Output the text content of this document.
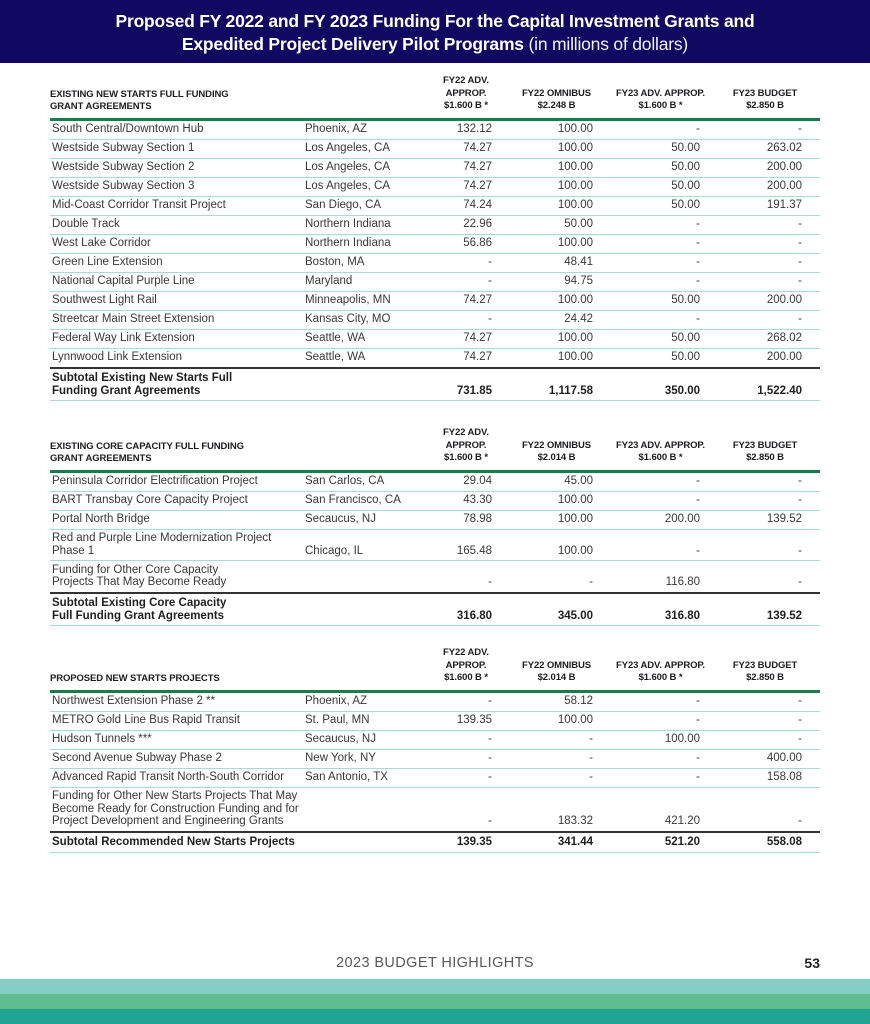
Proposed FY 2022 and FY 2023 Funding For the Capital Investment Grants and
Expedited Project Delivery Pilot Programs (in millions of dollars)
EXISTING NEW STARTS FULL FUNDING
GRANT AGREEMENTS

FY22 ADV. APPROP.
$1.600 B *

FY22 OMNIBUS
$2.248 B

FY23 ADV. APPROP.
$1.600 B *

FY23 BUDGET
$2.850 B

South Central/Downtown Hub	Phoenix, AZ	132.12	100.00	-	-

Westside Subway Section 1	Los Angeles, CA	74.27	100.00	50.00	263.02

Westside Subway Section 2	Los Angeles, CA	74.27	100.00	50.00	200.00

Westside Subway Section 3	Los Angeles, CA	74.27	100.00	50.00	200.00

Mid-Coast Corridor Transit Project	San Diego, CA	74.24	100.00	50.00	191.37

Double Track	Northern Indiana	22.96	50.00	-	-

West Lake Corridor	Northern Indiana	56.86	100.00	-	-

Green Line Extension	Boston, MA	-	48.41	-	-

National Capital Purple Line	Maryland	-	94.75	-	-

Southwest Light Rail	Minneapolis, MN	74.27	100.00	50.00	200.00

Streetcar Main Street Extension	Kansas City, MO	-	24.42	-	-

Federal Way Link Extension	Seattle, WA	74.27	100.00	50.00	268.02

Lynnwood Link Extension	Seattle, WA	74.27	100.00	50.00	200.00

Subtotal Existing New Starts Full
Funding Grant Agreements		731.85	1,117.58	350.00	1,522.40
EXISTING CORE CAPACITY FULL FUNDING
GRANT AGREEMENTS

FY22 ADV. APPROP.
$1.600 B *

FY22 OMNIBUS
$2.014 B

FY23 ADV. APPROP.
$1.600 B *

FY23 BUDGET
$2.850 B

Peninsula Corridor Electrification Project	San Carlos, CA	29.04	45.00	-	-

BART Transbay Core Capacity Project	San Francisco, CA	43.30	100.00	-	-

Portal North Bridge	Secaucus, NJ	78.98	100.00	200.00	139.52

Red and Purple Line Modernization Project Phase 1	Chicago, IL	165.48	100.00	-	-

Funding for Other Core Capacity
Projects That May Become Ready		-	-	116.80	-

Subtotal Existing Core Capacity
Full Funding Grant Agreements		316.80	345.00	316.80	139.52
PROPOSED NEW STARTS PROJECTS

FY22 ADV. APPROP.
$1.600 B *

FY22 OMNIBUS
$2.014 B

FY23 ADV. APPROP.
$1.600 B *

FY23 BUDGET
$2.850 B

Northwest Extension Phase 2 **	Phoenix, AZ	-	58.12	-	-

METRO Gold Line Bus Rapid Transit	St. Paul, MN	139.35	100.00	-	-

Hudson Tunnels ***	Secaucus, NJ	-	-	100.00	-

Second Avenue Subway Phase 2	New York, NY	-	-	-	400.00

Advanced Rapid Transit North-South Corridor	San Antonio, TX	-	-	-	158.08

Funding for Other New Starts Projects That May
Become Ready for Construction Funding and for
Project Development and Engineering Grants		-	183.32	421.20	-

Subtotal Recommended New Starts Projects		139.35	341.44	521.20	558.08
2023 BUDGET HIGHLIGHTS	53
